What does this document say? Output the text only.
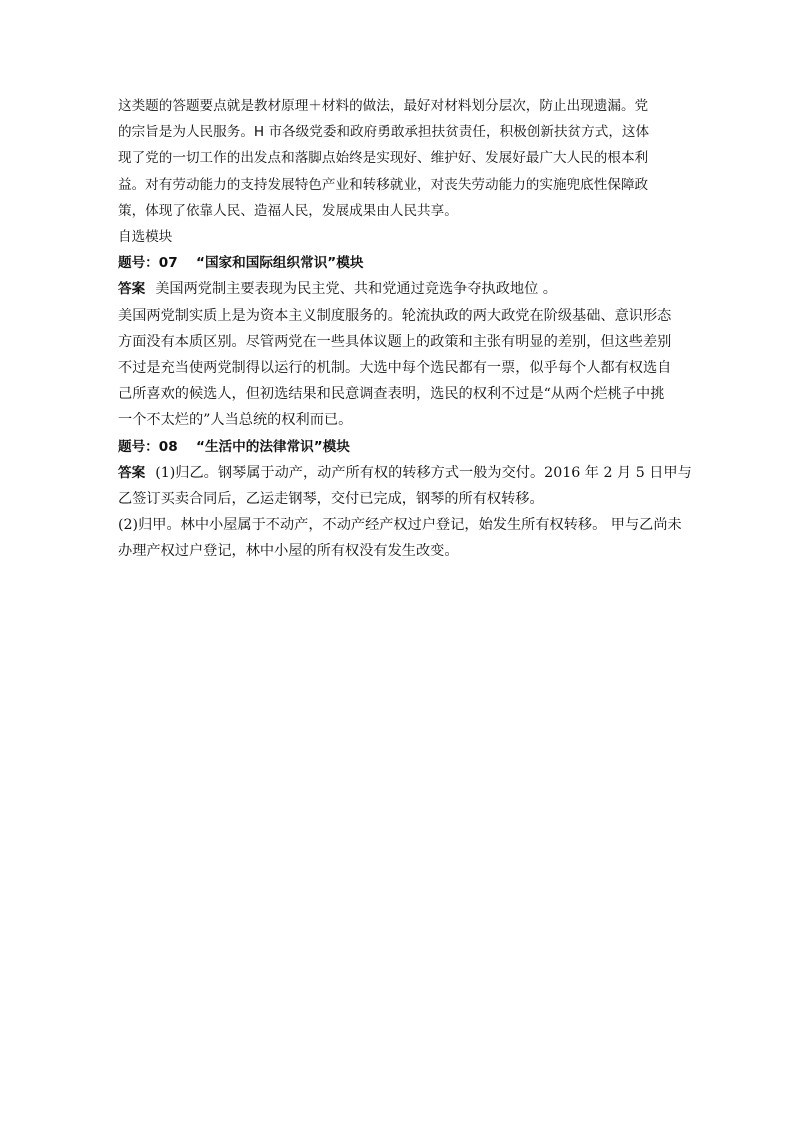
这类题的答题要点就是教材原理＋材料的做法，最好对材料划分层次，防止出现遗漏。党
的宗旨是为人民服务。H 市各级党委和政府勇敢承担扶贫责任，积极创新扶贫方式，这体
现了党的一切工作的出发点和落脚点始终是实现好、维护好、发展好最广大人民的根本利
益。对有劳动能力的支持发展特色产业和转移就业，对丧失劳动能力的实施兜底性保障政
策，体现了依靠人民、造福人民，发展成果由人民共享。

自选模块

题号：07　 “国家和国际组织常识”模块

答案 美国两党制主要表现为民主党、共和党通过竞选争夺执政地位 。
美国两党制实质上是为资本主义制度服务的。轮流执政的两大政党在阶级基础、意识形态
方面没有本质区别。尽管两党在一些具体议题上的政策和主张有明显的差别，但这些差别
不过是充当使两党制得以运行的机制。大选中每个选民都有一票，似乎每个人都有权选自
己所喜欢的候选人，但初选结果和民意调查表明，选民的权利不过是“从两个烂桃子中挑
一个不太烂的”人当总统的权利而已。

题号：08　 “生活中的法律常识”模块

答案 (1)归乙。钢琴属于动产，动产所有权的转移方式一般为交付。2016 年 2 月 5 日甲与
乙签订买卖合同后，乙运走钢琴，交付已完成，钢琴的所有权转移。
(2)归甲。林中小屋属于不动产，不动产经产权过户登记，始发生所有权转移。 甲与乙尚未
办理产权过户登记，林中小屋的所有权没有发生改变。
